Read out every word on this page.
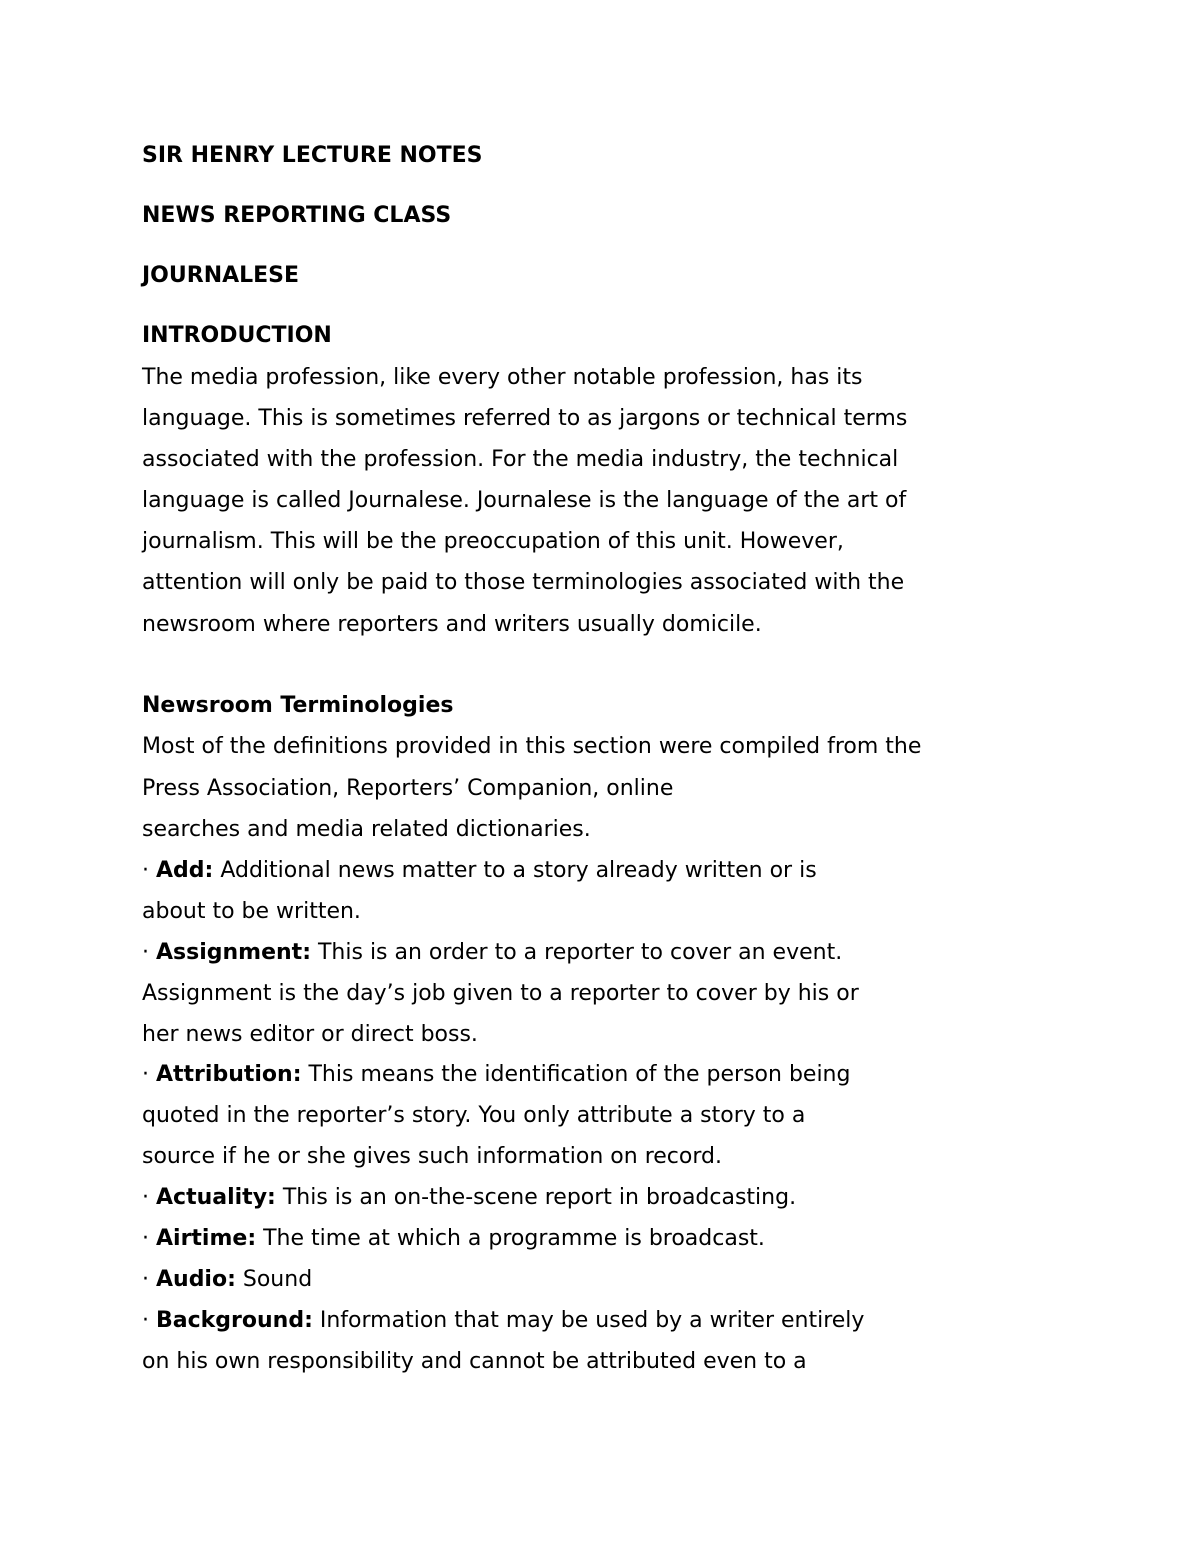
SIR HENRY LECTURE NOTES

NEWS REPORTING CLASS

JOURNALESE

INTRODUCTION

The media profession, like every other notable profession, has its

language. This is sometimes referred to as jargons or technical terms

associated with the profession. For the media industry, the technical

language is called Journalese. Journalese is the language of the art of

journalism. This will be the preoccupation of this unit. However,

attention will only be paid to those terminologies associated with the

newsroom where reporters and writers usually domicile.

Newsroom Terminologies

Most of the definitions provided in this section were compiled from the

Press Association, Reporters’ Companion, online

searches and media related dictionaries.

· Add: Additional news matter to a story already written or is

about to be written.

· Assignment: This is an order to a reporter to cover an event.

Assignment is the day’s job given to a reporter to cover by his or

her news editor or direct boss.

· Attribution: This means the identification of the person being

quoted in the reporter’s story. You only attribute a story to a

source if he or she gives such information on record.

· Actuality: This is an on-the-scene report in broadcasting.

· Airtime: The time at which a programme is broadcast.

· Audio: Sound

· Background: Information that may be used by a writer entirely

on his own responsibility and cannot be attributed even to a
